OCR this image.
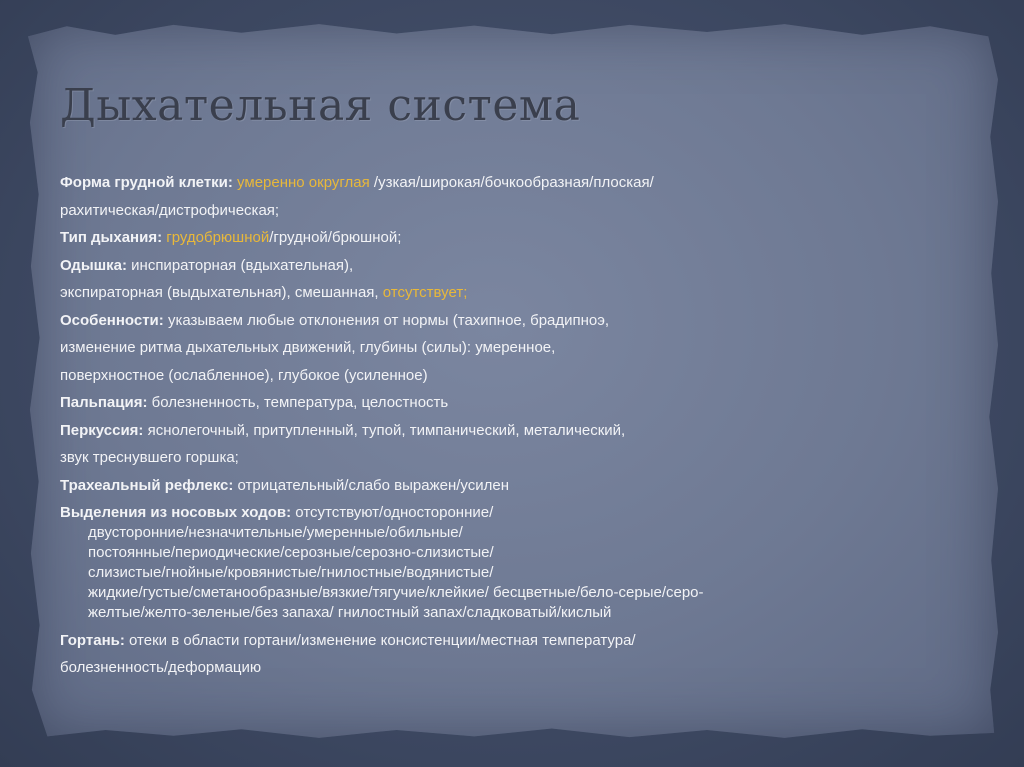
Дыхательная система
Форма грудной клетки: умеренно округлая /узкая/широкая/бочкообразная/плоская/
рахитическая/дистрофическая;
Тип дыхания: грудобрюшной/грудной/брюшной;
Одышка: инспираторная (вдыхательная),
экспираторная (выдыхательная), смешанная, отсутствует;
Особенности: указываем любые отклонения от нормы (тахипное, брадипноэ,
изменение ритма дыхательных движений, глубины (силы): умеренное,
поверхностное (ослабленное), глубокое (усиленное)
Пальпация: болезненность, температура, целостность
Перкуссия: яснолегочный, притупленный, тупой, тимпанический, металический,
звук треснувшего горшка;
Трахеальный рефлекс: отрицательный/слабо выражен/усилен
Выделения из носовых ходов: отсутствуют/односторонние/
двусторонние/незначительные/умеренные/обильные/
постоянные/периодические/серозные/серозно-слизистые/
слизистые/гнойные/кровянистые/гнилостные/водянистые/
жидкие/густые/сметанообразные/вязкие/тягучие/клейкие/ бесцветные/бело-серые/серо-
желтые/желто-зеленые/без запаха/ гнилостный запах/сладковатый/кислый
Гортань: отеки в области гортани/изменение консистенции/местная температура/
болезненность/деформацию
